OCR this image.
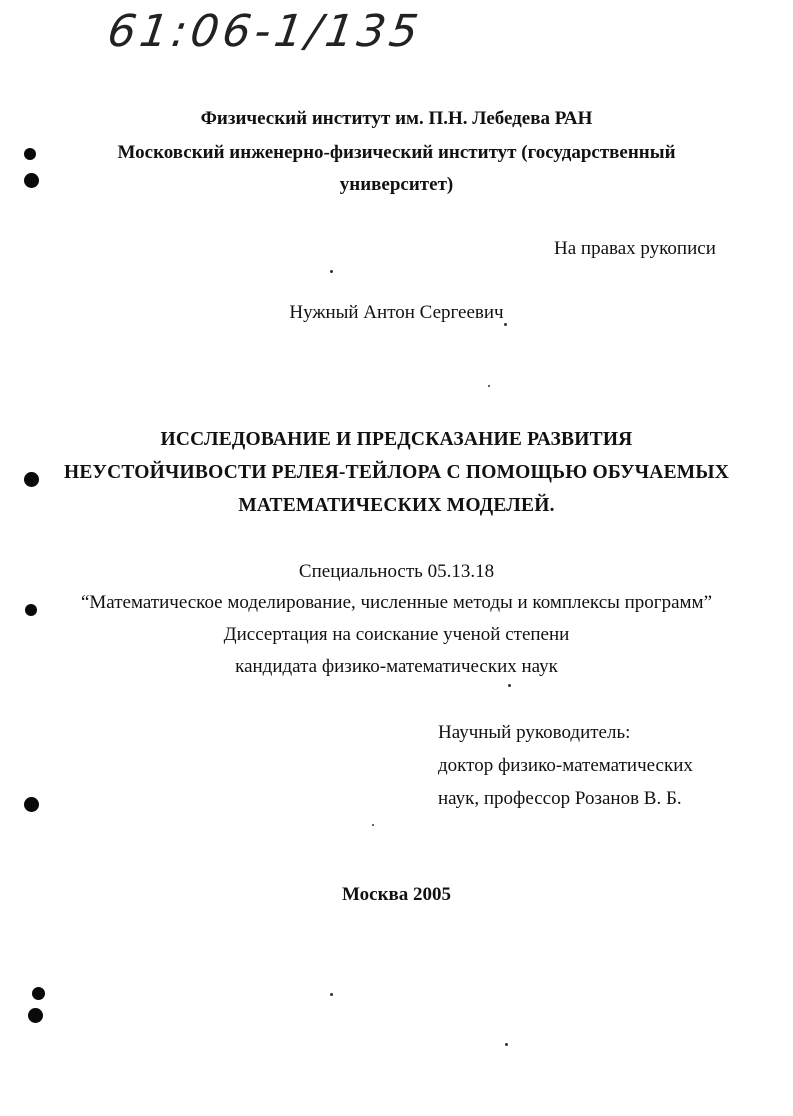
61:06-1/135
Физический институт им. П.Н. Лебедева РАН
Московский инженерно-физический институт (государственный
университет)
На правах рукописи
Нужный Антон Сергеевич
ИССЛЕДОВАНИЕ И ПРЕДСКАЗАНИЕ РАЗВИТИЯ
НЕУСТОЙЧИВОСТИ РЕЛЕЯ-ТЕЙЛОРА С ПОМОЩЬЮ ОБУЧАЕМЫХ
МАТЕМАТИЧЕСКИХ МОДЕЛЕЙ.
Специальность 05.13.18
“Математическое моделирование, численные методы и комплексы программ”
Диссертация на соискание ученой степени
кандидата физико-математических наук
Научный руководитель:
доктор физико-математических
наук, профессор Розанов В. Б.
Москва 2005
